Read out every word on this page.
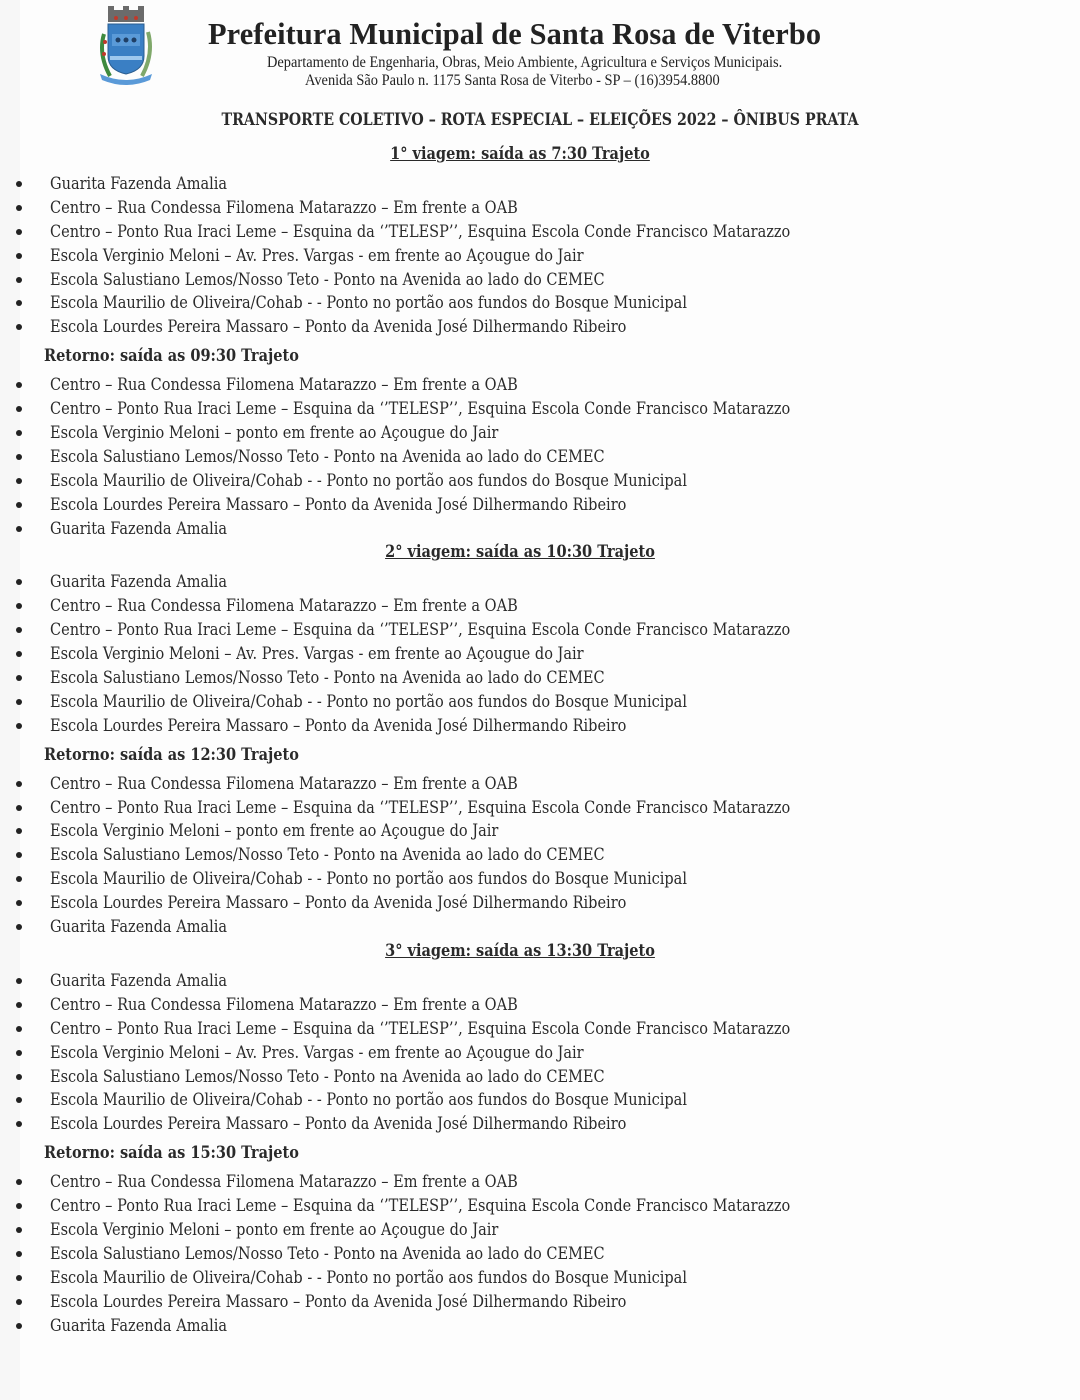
Prefeitura Municipal de Santa Rosa de Viterbo
Departamento de Engenharia, Obras, Meio Ambiente, Agricultura e Serviços Municipais.
Avenida São Paulo n. 1175 Santa Rosa de Viterbo - SP – (16)3954.8800
TRANSPORTE COLETIVO – ROTA ESPECIAL – ELEIÇÕES 2022 – ÔNIBUS PRATA
1° viagem: saída as 7:30 Trajeto
Guarita Fazenda Amalia
Centro – Rua Condessa Filomena Matarazzo – Em frente a OAB
Centro – Ponto Rua Iraci Leme – Esquina da ‘’TELESP’’, Esquina Escola Conde Francisco Matarazzo
Escola Verginio Meloni – Av. Pres. Vargas - em frente ao Açougue do Jair
Escola Salustiano Lemos/Nosso Teto - Ponto na Avenida ao lado do CEMEC
Escola Maurilio de Oliveira/Cohab - - Ponto no portão aos fundos do Bosque Municipal
Escola Lourdes Pereira Massaro – Ponto da Avenida José Dilhermando Ribeiro
Retorno: saída as 09:30 Trajeto
Centro – Rua Condessa Filomena Matarazzo – Em frente a OAB
Centro – Ponto Rua Iraci Leme – Esquina da ‘’TELESP’’, Esquina Escola Conde Francisco Matarazzo
Escola Verginio Meloni – ponto em frente ao Açougue do Jair
Escola Salustiano Lemos/Nosso Teto - Ponto na Avenida ao lado do CEMEC
Escola Maurilio de Oliveira/Cohab - - Ponto no portão aos fundos do Bosque Municipal
Escola Lourdes Pereira Massaro – Ponto da Avenida José Dilhermando Ribeiro
Guarita Fazenda Amalia
2° viagem: saída as 10:30 Trajeto
Guarita Fazenda Amalia
Centro – Rua Condessa Filomena Matarazzo – Em frente a OAB
Centro – Ponto Rua Iraci Leme – Esquina da ‘’TELESP’’, Esquina Escola Conde Francisco Matarazzo
Escola Verginio Meloni – Av. Pres. Vargas - em frente ao Açougue do Jair
Escola Salustiano Lemos/Nosso Teto - Ponto na Avenida ao lado do CEMEC
Escola Maurilio de Oliveira/Cohab - - Ponto no portão aos fundos do Bosque Municipal
Escola Lourdes Pereira Massaro – Ponto da Avenida José Dilhermando Ribeiro
Retorno: saída as 12:30 Trajeto
Centro – Rua Condessa Filomena Matarazzo – Em frente a OAB
Centro – Ponto Rua Iraci Leme – Esquina da ‘’TELESP’’, Esquina Escola Conde Francisco Matarazzo
Escola Verginio Meloni – ponto em frente ao Açougue do Jair
Escola Salustiano Lemos/Nosso Teto - Ponto na Avenida ao lado do CEMEC
Escola Maurilio de Oliveira/Cohab - - Ponto no portão aos fundos do Bosque Municipal
Escola Lourdes Pereira Massaro – Ponto da Avenida José Dilhermando Ribeiro
Guarita Fazenda Amalia
3° viagem: saída as 13:30 Trajeto
Guarita Fazenda Amalia
Centro – Rua Condessa Filomena Matarazzo – Em frente a OAB
Centro – Ponto Rua Iraci Leme – Esquina da ‘’TELESP’’, Esquina Escola Conde Francisco Matarazzo
Escola Verginio Meloni – Av. Pres. Vargas - em frente ao Açougue do Jair
Escola Salustiano Lemos/Nosso Teto - Ponto na Avenida ao lado do CEMEC
Escola Maurilio de Oliveira/Cohab - - Ponto no portão aos fundos do Bosque Municipal
Escola Lourdes Pereira Massaro – Ponto da Avenida José Dilhermando Ribeiro
Retorno: saída as 15:30 Trajeto
Centro – Rua Condessa Filomena Matarazzo – Em frente a OAB
Centro – Ponto Rua Iraci Leme – Esquina da ‘’TELESP’’, Esquina Escola Conde Francisco Matarazzo
Escola Verginio Meloni – ponto em frente ao Açougue do Jair
Escola Salustiano Lemos/Nosso Teto - Ponto na Avenida ao lado do CEMEC
Escola Maurilio de Oliveira/Cohab - - Ponto no portão aos fundos do Bosque Municipal
Escola Lourdes Pereira Massaro – Ponto da Avenida José Dilhermando Ribeiro
Guarita Fazenda Amalia
